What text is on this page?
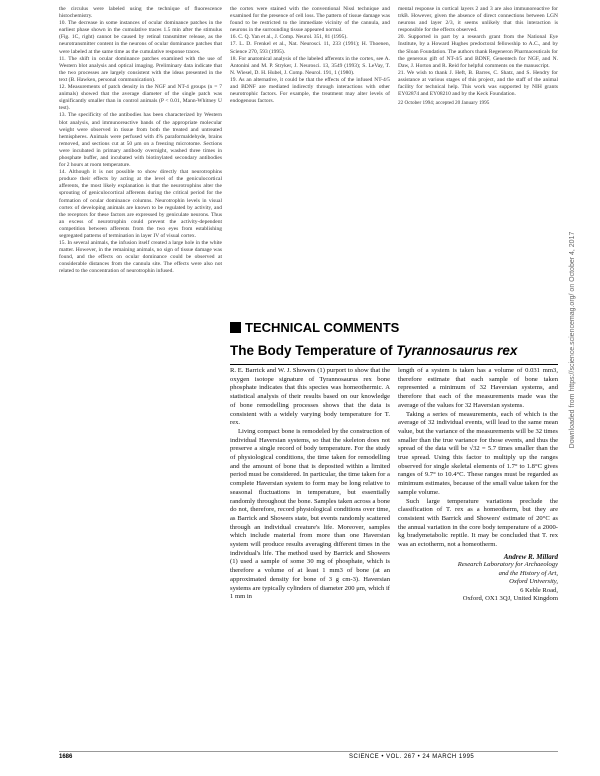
the circulus were labeled using the technique of fluorescence histochemistry.

10. The decrease in some instances of ocular dominance patches in the earliest phase shown in the cumulative traces 1.5 min after the stimulus (Fig. 1C, right) cannot be caused by retinal transmitter release, as the neurotransmitter content in the neurons of ocular dominance patches that were labeled at the same time as the cumulative response traces.

11. The shift in ocular dominance patches examined with the use of Western blot analysis and optical imaging. Preliminary data indicate that the two processes are largely consistent with the ideas presented in the text (B. Hawken, personal communication).

12. Measurements of patch density in the NGF and NT-4 groups (n = 7 animals) showed that the average diameter of the single patch was significantly smaller than in control animals (P < 0.01, Mann-Whitney U test).

13. The specificity of the antibodies has been characterized by Western blot analysis, and immunoreactive bands of the appropriate molecular weight were observed in tissue from both the treated and untreated hemispheres. Animals were perfused with 4% paraformaldehyde, brains removed, and sections cut at 50 μm on a freezing microtome. Sections were incubated in primary antibody overnight, washed three times in phosphate buffer, and incubated with biotinylated secondary antibodies for 2 hours at room temperature.

14. Although it is not possible to show directly that neurotrophins produce their effects by acting at the level of the geniculocortical afferents, the most likely explanation is that the neurotrophins alter the sprouting of geniculocortical afferents during the critical period for the formation of ocular dominance columns. Neurotrophin levels in visual cortex of developing animals are known to be regulated by activity, and the receptors for these factors are expressed by geniculate neurons. Thus an excess of neurotrophin could prevent the activity-dependent competition between afferents from the two eyes from establishing segregated patterns of termination in layer IV of visual cortex.

15. In several animals, the infusion itself created a large hole in the white matter. However, in the remaining animals, no sign of tissue damage was found, and the effects on ocular dominance could be observed at considerable distances from the cannula site. The effects were also not related to the concentration of neurotrophin infused.

the cortex were stained with the conventional Nissl technique and examined for the presence of cell loss. The pattern of tissue damage was found to be restricted to the immediate vicinity of the cannula, and neurons in the surrounding tissue appeared normal.

16. C. Q. Yan et al., J. Comp. Neurol. 351, 81 (1995).

17. L. D. Frenkel et al., Nat. Neurosci. 11, 233 (1991); H. Thoenen, Science 270, 593 (1995).

18. For anatomical analysis of the labeled afferents in the cortex, see A. Antonini and M. P. Stryker, J. Neurosci. 13, 3549 (1993); S. LeVay, T. N. Wiesel, D. H. Hubel, J. Comp. Neurol. 191, 1 (1980).

19. As an alternative, it could be that the effects of the infused NT-4/5 and BDNF are mediated indirectly through interactions with other neurotrophic factors. For example, the treatment may alter levels of endogenous factors.

mental response in cortical layers 2 and 3 are also immunoreactive for trkB. However, given the absence of direct connections between LGN neurons and layer 2/3, it seems unlikely that this interaction is responsible for the effects observed.

20. Supported in part by a research grant from the National Eye Institute, by a Howard Hughes predoctoral fellowship to A.C., and by the Sloan Foundation. The authors thank Regeneron Pharmaceuticals for the generous gift of NT-4/5 and BDNF, Genentech for NGF, and N. Daw, J. Horton and R. Reid for helpful comments on the manuscript.

21. We wish to thank J. Heft, B. Barres, C. Shatz, and S. Hendry for assistance at various stages of this project, and the staff of the animal facility for technical help. This work was supported by NIH grants EY02874 and EY08210 and by the Keck Foundation.

22 October 1994; accepted 20 January 1995

Downloaded from https://science.sciencemag.org/ on October 4, 2017
TECHNICAL COMMENTS
The Body Temperature of Tyrannosaurus rex

R. E. Barrick and W. J. Showers (1) purport to show that the oxygen isotope signature of Tyrannosaurus rex bone phosphate indicates that this species was homeothermic. A statistical analysis of their results based on our knowledge of bone remodelling processes shows that the data is consistent with a widely varying body temperature for T. rex.

Living compact bone is remodeled by the construction of individual Haversian systems, so that the skeleton does not preserve a single record of body temperature. For the study of physiological conditions, the time taken for remodelling and the amount of bone that is deposited within a limited period must be considered. In particular, the time taken for a complete Haversian system to form may be long relative to seasonal fluctuations in temperature, but essentially randomly throughout the bone. Samples taken across a bone do not, therefore, record physiological conditions over time, as Barrick and Showers state, but events randomly scattered through an individual creature's life. Moreover, samples which include material from more than one Haversian system will produce results averaging different times in the individual's life. The method used by Barrick and Showers (1) used a sample of some 30 mg of phosphate, which is therefore a volume of at least 1 mm3 of bone (at an approximated density for bone of 3 g cm-3). Haversian systems are typically cylinders of diameter 200 μm, which if 1 mm in

length of a system is taken has a volume of 0.031 mm3, therefore estimate that each sample of bone taken represented a minimum of 32 Haversian systems, and therefore that each of the measurements made was the average of the values for 32 Haversian systems.

Taking a series of measurements, each of which is the average of 32 individual events, will lead to the same mean value, but the variance of the measurements will be 32 times smaller than the true variance for those events, and thus the spread of the data will be √32 = 5.7 times smaller than the true spread. Using this factor to multiply up the ranges observed for single skeletal elements of 1.7° to 1.8°C gives ranges of 9.7° to 10.4°C. These ranges must be regarded as minimum estimates, because of the small value taken for the sample volume.

Such large temperature variations preclude the classification of T. rex as a homeotherm, but they are consistent with Barrick and Showers' estimate of 20°C as the annual variation in the core body temperature of a 2000-kg bradymetabolic reptile. It may be concluded that T. rex was an ectotherm, not a homeotherm.

Andrew R. Millard
Research Laboratory for Archaeology
and the History of Art,
Oxford University,
6 Keble Road,
Oxford, OX1 3QJ, United Kingdom
1686	SCIENCE • VOL. 267 • 24 MARCH 1995
